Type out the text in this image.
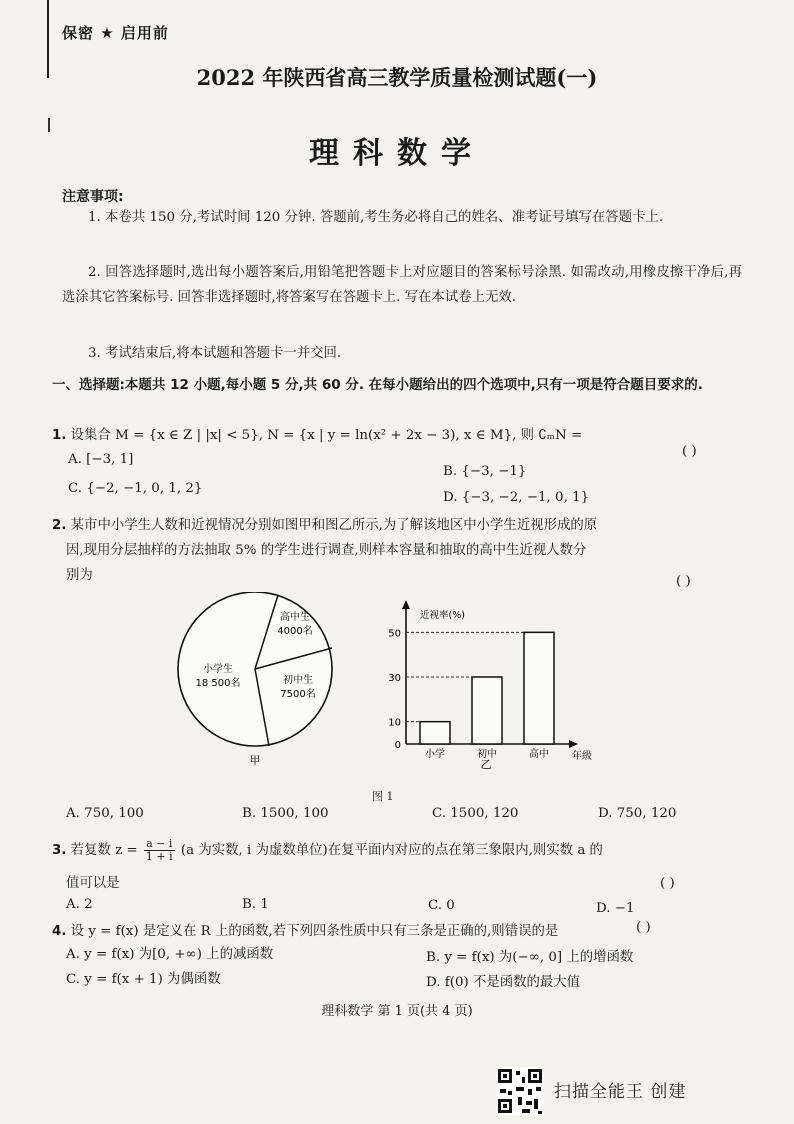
保密 ★ 启用前
2022 年陕西省高三教学质量检测试题(一)
理科数学
注意事项:
1. 本卷共 150 分,考试时间 120 分钟. 答题前,考生务必将自己的姓名、准考证号填写在答题卡上.
2. 回答选择题时,选出每小题答案后,用铅笔把答题卡上对应题目的答案标号涂黑. 如需改动,用橡皮擦干净后,再选涂其它答案标号. 回答非选择题时,将答案写在答题卡上. 写在本试卷上无效.
3. 考试结束后,将本试题和答题卡一并交回.
一、选择题:本题共 12 小题,每小题 5 分,共 60 分. 在每小题给出的四个选项中,只有一项是符合题目要求的.
1. 设集合 M = {x ∈ Z | |x| < 5}, N = {x | y = ln(x² + 2x − 3), x ∈ M}, 则 ∁ₘN =
( )
A. [−3, 1]
B. {−3, −1}
C. {−2, −1, 0, 1, 2}
D. {−3, −2, −1, 0, 1}
2. 某市中小学生人数和近视情况分别如图甲和图乙所示,为了解该地区中小学生近视形成的原
因,现用分层抽样的方法抽取 5% 的学生进行调查,则样本容量和抽取的高中生近视人数分
别为	( )
高中生
4000名
初中生
7500名
小学生
18 500名
甲
近视率(%)
年级
乙
0
10
30
50
小学	初中	高中
图 1
A. 750, 100	B. 1500, 100	C. 1500, 120	D. 750, 120
3. 若复数 $z = \frac{a - i}{1 + i} (a$ 为实数, i 为虚数单位)在复平面内对应的点在第三象限内,则实数 a 的
值可以是	( )
A. 2	B. 1	C. 0	D. −1
4. 设 y = f(x) 是定义在 R 上的函数,若下列四条性质中只有三条是正确的,则错误的是	( )
A. y = f(x) 为[0, +∞) 上的减函数	B. y = f(x) 为(−∞, 0] 上的增函数
C. y = f(x + 1) 为偶函数	D. f(0) 不是函数的最大值
理科数学 第 1 页(共 4 页)
扫描全能王 创建
